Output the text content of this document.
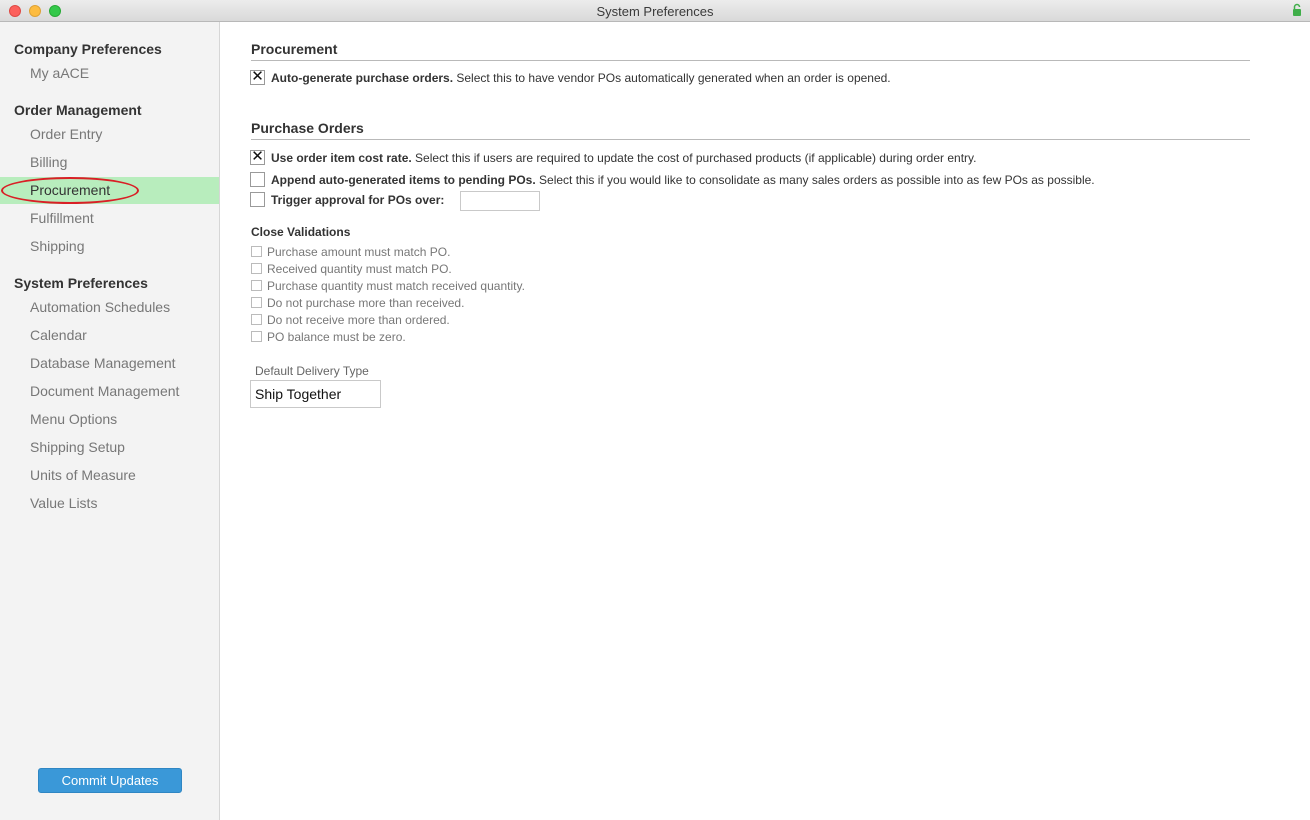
System Preferences
Company Preferences
My aACE
Order Management
Order Entry
Billing
Procurement
Fulfillment
Shipping
System Preferences
Automation Schedules
Calendar
Database Management
Document Management
Menu Options
Shipping Setup
Units of Measure
Value Lists
Commit Updates
Procurement
✕ Auto-generate purchase orders. Select this to have vendor POs automatically generated when an order is opened.
Purchase Orders
✕ Use order item cost rate. Select this if users are required to update the cost of purchased products (if applicable) during order entry.
Append auto-generated items to pending POs. Select this if you would like to consolidate as many sales orders as possible into as few POs as possible.
Trigger approval for POs over:
Close Validations
Purchase amount must match PO.
Received quantity must match PO.
Purchase quantity must match received quantity.
Do not purchase more than received.
Do not receive more than ordered.
PO balance must be zero.
Default Delivery Type
Ship Together
